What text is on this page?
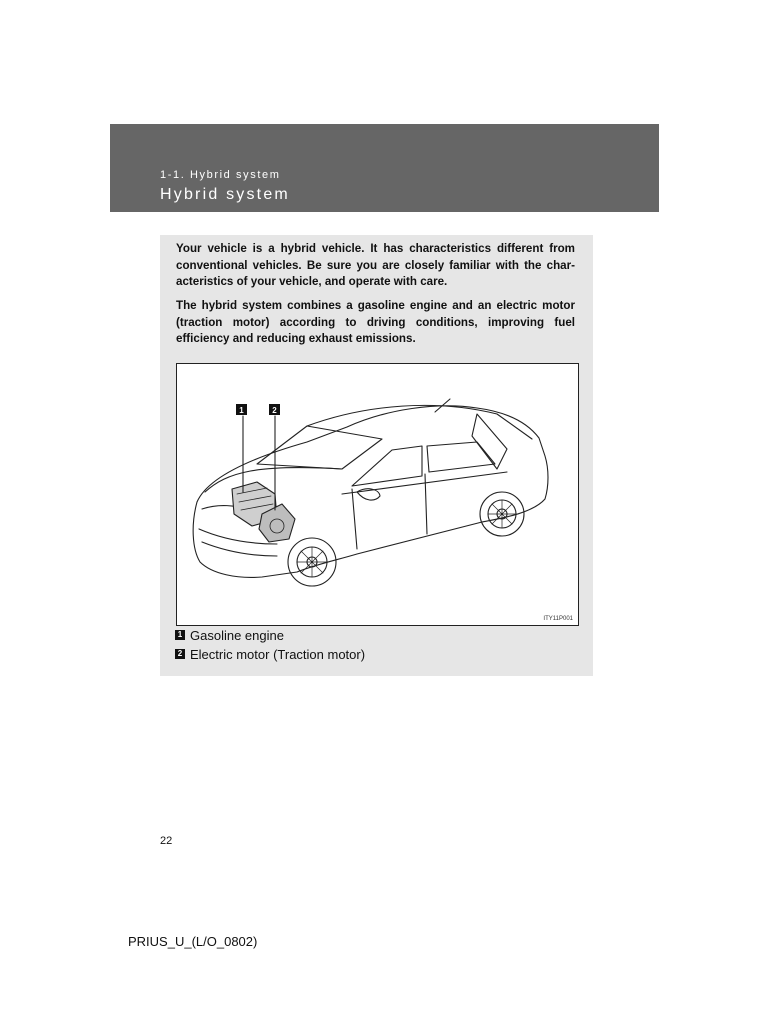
1-1. Hybrid system
Hybrid system

Your vehicle is a hybrid vehicle. It has characteristics different from conventional vehicles. Be sure you are closely familiar with the characteristics of your vehicle, and operate with care.

The hybrid system combines a gasoline engine and an electric motor (traction motor) according to driving conditions, improving fuel efficiency and reducing exhaust emissions.

1	2
ITY11P001
1 Gasoline engine
2 Electric motor (Traction motor)
22
PRIUS_U_(L/O_0802)
